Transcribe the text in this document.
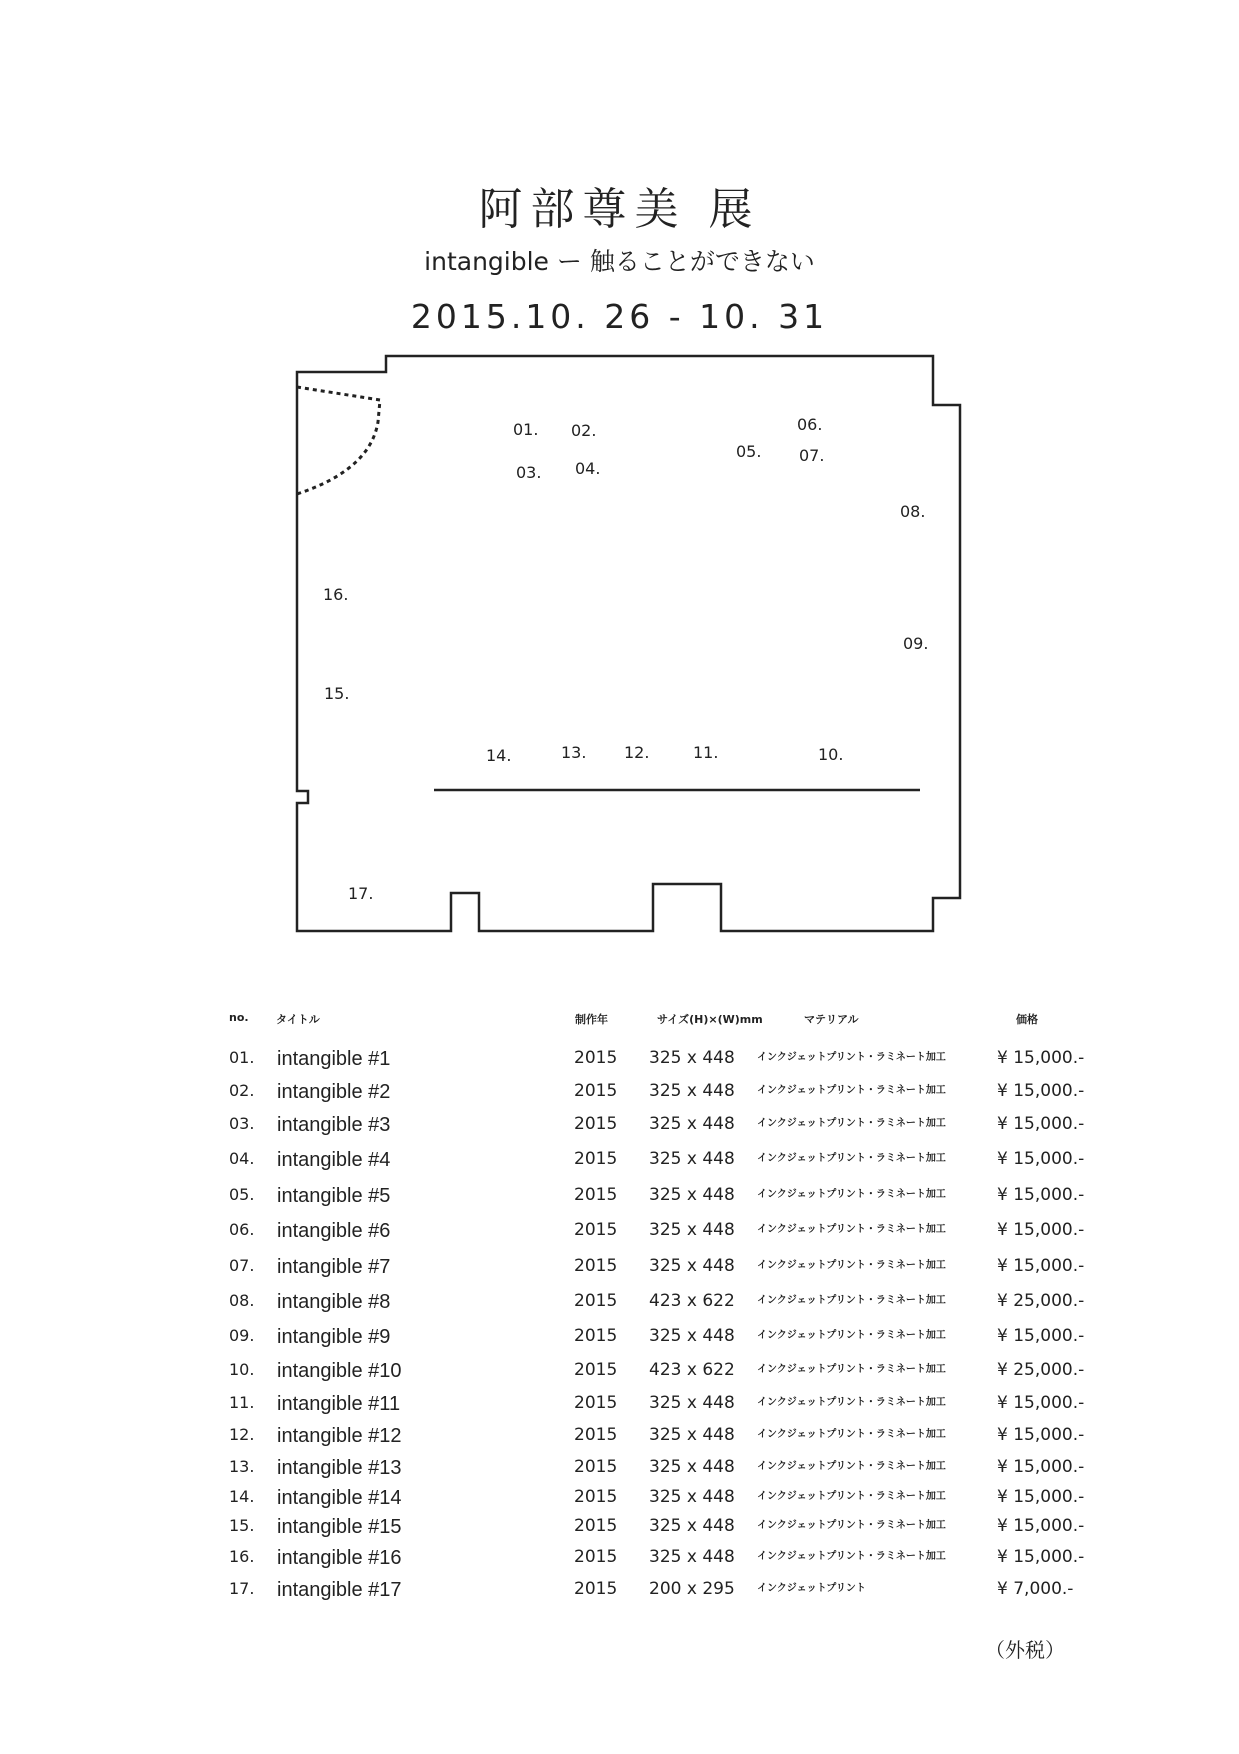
阿部尊美 展
intangible ー 触ることができない
2015.10. 26 - 10. 31
01. 02.
03. 04.
05.
06.
07.
08.
09.
10.
11.
12.
13.
14.
15.
16.
17.
no. タイトル	制作年	サイズ(H)×(W)mm	マテリアル	価格
01. intangible #1	2015 325 x 448 インクジェットプリント・ラミネート加工	¥ 15,000.-
02. intangible #2	2015 325 x 448 インクジェットプリント・ラミネート加工	¥ 15,000.-
03. intangible #3	2015 325 x 448 インクジェットプリント・ラミネート加工	¥ 15,000.-
04. intangible #4	2015 325 x 448 インクジェットプリント・ラミネート加工	¥ 15,000.-
05. intangible #5	2015 325 x 448 インクジェットプリント・ラミネート加工	¥ 15,000.-
06. intangible #6	2015 325 x 448 インクジェットプリント・ラミネート加工	¥ 15,000.-
07. intangible #7	2015 325 x 448 インクジェットプリント・ラミネート加工	¥ 15,000.-
08. intangible #8	2015 423 x 622 インクジェットプリント・ラミネート加工	¥ 25,000.-
09. intangible #9	2015 325 x 448 インクジェットプリント・ラミネート加工	¥ 15,000.-
10. intangible #10	2015 423 x 622 インクジェットプリント・ラミネート加工	¥ 25,000.-
11. intangible #11	2015 325 x 448 インクジェットプリント・ラミネート加工	¥ 15,000.-
12. intangible #12	2015 325 x 448 インクジェットプリント・ラミネート加工	¥ 15,000.-
13. intangible #13	2015 325 x 448 インクジェットプリント・ラミネート加工	¥ 15,000.-
14. intangible #14	2015 325 x 448 インクジェットプリント・ラミネート加工	¥ 15,000.-
15. intangible #15	2015 325 x 448 インクジェットプリント・ラミネート加工	¥ 15,000.-
16. intangible #16	2015 325 x 448 インクジェットプリント・ラミネート加工	¥ 15,000.-
17. intangible #17	2015 200 x 295 インクジェットプリント	¥ 7,000.-
（外税）
